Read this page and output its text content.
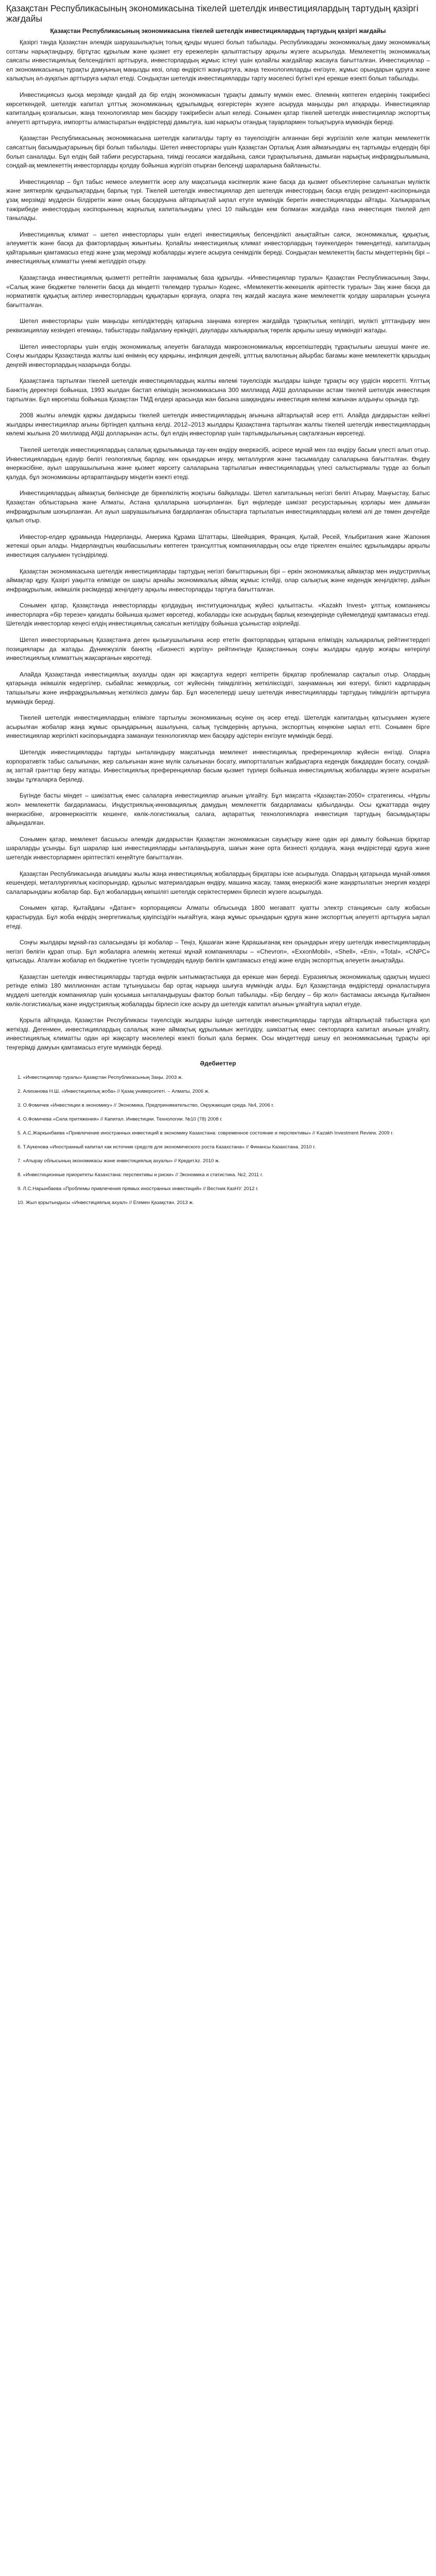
Қазақстан Республикасының экономикасына тікелей шетелдік инвестициялардың тартудың қазіргі жағдайы
Қазақстан Республикасының экономикасына тікелей шетелдік инвестициялардың тартудың қазіргі жағдайы

Қазіргі таңда Қазақстан әлемдік шаруашылықтың толық құнды мүшесі болып табылады. Республикадағы экономикалық даму экономикалық соттағы нарықтандыру, біртұтас құрылым және қызмет ету ережелерін қалыптастыру арқылы жүзеге асырылуда. Мемлекеттің экономикалық саясаты инвестициялық белсенділікті арттыруға, инвесторлардың жұмыс істеуі үшін қолайлы жағдайлар жасауға бағытталған. Инвестициялар – ел экономикасының тұрақты дамуының маңызды көзі, олар өндірісті жаңғыртуға, жаңа технологияларды енгізуге, жұмыс орындарын құруға және халықтың әл-ауқатын арттыруға ықпал етеді. Сондықтан шетелдік инвестицияларды тарту мәселесі бүгінгі күні ерекше өзекті болып табылады.

Инвестициясыз қысқа мерзімде қандай да бір елдің экономикасын тұрақты дамыту мүмкін емес. Әлемнің көптеген елдерінің тәжірибесі көрсеткендей, шетелдік капитал ұлттық экономиканың құрылымдық өзгерістерін жүзеге асыруда маңызды рөл атқарады. Инвестициялар капиталдың қозғалысын, жаңа технологиялар мен басқару тәжірибесін алып келеді. Сонымен қатар тікелей шетелдік инвестициялар экспорттық әлеуетті арттыруға, импортты алмастыратын өндірістерді дамытуға, ішкі нарықты отандық тауарлармен толықтыруға мүмкіндік береді.

Қазақстан Республикасының экономикасына шетелдік капиталды тарту өз тәуелсіздігін алғаннан бері жүргізіліп келе жатқан мемлекеттік саясаттың басымдықтарының бірі болып табылады. Шетел инвесторлары үшін Қазақстан Орталық Азия аймағындағы ең тартымды елдердің бірі болып саналады. Бұл елдің бай табиғи ресурстарына, тиімді геосаяси жағдайына, саяси тұрақтылығына, дамыған нарықтық инфрақұрылымына, сондай-ақ мемлекеттің инвесторларды қолдау бойынша жүргізіп отырған белсенді шараларына байланысты.

Инвестициялар – бұл табыс немесе әлеуметтік әсер алу мақсатында кәсіпкерлік және басқа да қызмет объектілеріне салынатын мүліктік және зияткерлік құндылықтардың барлық түрі. Тікелей шетелдік инвестициялар деп шетелдік инвестордың басқа елдің резидент-кәсіпорнында ұзақ мерзімді мүддесін білдіретін және оның басқаруына айтарлықтай ықпал етуге мүмкіндік беретін инвестицияларды айтады. Халықаралық тәжірибеде инвестордың кәсіпорынның жарғылық капиталындағы үлесі 10 пайыздан кем болмаған жағдайда ғана инвестиция тікелей деп танылады.

Инвестициялық климат – шетел инвесторлары үшін елдегі инвестициялық белсенділікті анықтайтын саяси, экономикалық, құқықтық, әлеуметтік және басқа да факторлардың жиынтығы. Қолайлы инвестициялық климат инвесторлардың тәуекелдерін төмендетеді, капиталдың қайтарымын қамтамасыз етеді және ұзақ мерзімді жобаларды жүзеге асыруға сенімділік береді. Сондықтан мемлекеттің басты міндеттерінің бірі – инвестициялық климатты үнемі жетілдіріп отыру.

Қазақстанда инвестициялық қызметті реттейтін заңнамалық база құрылды. «Инвестициялар туралы» Қазақстан Республикасының Заңы, «Салық және бюджетке төленетін басқа да міндетті төлемдер туралы» Кодекс, «Мемлекеттік-жекешелік әріптестік туралы» Заң және басқа да нормативтік құқықтық актілер инвесторлардың құқықтарын қорғауға, оларға тең жағдай жасауға және мемлекеттік қолдау шараларын ұсынуға бағытталған.

Шетел инвесторлары үшін маңызды кепілдіктердің қатарына заңнама өзгерген жағдайда тұрақтылық кепілдігі, мүлікті ұлттандыру мен реквизициялау кезіндегі өтемақы, табыстарды пайдалану еркіндігі, дауларды халықаралық төрелік арқылы шешу мүмкіндігі жатады.

Шетел инвесторлары үшін елдің экономикалық әлеуетін бағалауда макроэкономикалық көрсеткіштердің тұрақтылығы шешуші мәнге ие. Соңғы жылдары Қазақстанда жалпы ішкі өнімнің өсу қарқыны, инфляция деңгейі, ұлттық валютаның айырбас бағамы және мемлекеттік қарыздың деңгейі инвесторлардың назарында болды.

Қазақстанға тартылған тікелей шетелдік инвестициялардың жалпы көлемі тәуелсіздік жылдары ішінде тұрақты өсу үрдісін көрсетті. Ұлттық Банктің деректері бойынша, 1993 жылдан бастап еліміздің экономикасына 300 миллиард АҚШ долларынан астам тікелей шетелдік инвестиция тартылған. Бұл көрсеткіш бойынша Қазақстан ТМД елдері арасында жан басына шаққандағы инвестиция көлемі жағынан алдыңғы орында тұр.

2008 жылғы әлемдік қаржы дағдарысы тікелей шетелдік инвестициялардың ағынына айтарлықтай әсер етті. Алайда дағдарыстан кейінгі жылдары инвестициялар ағыны біртіндеп қалпына келді. 2012–2013 жылдары Қазақстанға тартылған жалпы тікелей шетелдік инвестициялардың көлемі жылына 20 миллиард АҚШ долларынан асты, бұл елдің инвесторлар үшін тартымдылығының сақталғанын көрсетеді.

Тікелей шетелдік инвестициялардың салалық құрылымында тау-кен өндіру өнеркәсібі, әсіресе мұнай мен газ өндіру басым үлесті алып отыр. Инвестициялардың едәуір бөлігі геологиялық барлау, кен орындарын игеру, металлургия және тасымалдау салаларына бағытталған. Өңдеу өнеркәсібіне, ауыл шаруашылығына және қызмет көрсету салаларына тартылатын инвестициялардың үлесі салыстырмалы түрде аз болып қалуда, бұл экономиканы әртараптандыру міндетін өзекті етеді.

Инвестициялардың аймақтық бөлінісінде де біркелкіліктің жоқтығы байқалады. Шетел капиталының негізгі бөлігі Атырау, Маңғыстау, Батыс Қазақстан облыстарына және Алматы, Астана қалаларына шоғырланған. Бұл өңірлерде шикізат ресурстарының қорлары мен дамыған инфрақұрылым шоғырланған. Ал ауыл шаруашылығына бағдарланған облыстарға тартылатын инвестициялардың көлемі әлі де төмен деңгейде қалып отыр.

Инвестор-елдер құрамында Нидерланды, Америка Құрама Штаттары, Швейцария, Франция, Қытай, Ресей, Ұлыбритания және Жапония жетекші орын алады. Нидерландтың көшбасшылығы көптеген трансұлттық компаниялардың осы елде тіркелген еншілес құрылымдары арқылы инвестиция салуымен түсіндіріледі.

Қазақстан экономикасына шетелдік инвестицияларды тартудың негізгі бағыттарының бірі – еркін экономикалық аймақтар мен индустриялық аймақтар құру. Қазіргі уақытта елімізде он шақты арнайы экономикалық аймақ жұмыс істейді, олар салықтық және кедендік жеңілдіктер, дайын инфрақұрылым, әкімшілік рәсімдерді жеңілдету арқылы инвесторларды тартуға бағытталған.

Сонымен қатар, Қазақстанда инвесторларды қолдаудың институционалдық жүйесі қалыптасты. «Kazakh Invest» ұлттық компаниясы инвесторларға «бір терезе» қағидаты бойынша қызмет көрсетеді, жобаларды іске асырудың барлық кезеңдерінде сүйемелдеуді қамтамасыз етеді. Шетелдік инвесторлар кеңесі елдің инвестициялық саясатын жетілдіру бойынша ұсыныстар әзірлейді.

Шетел инвесторларының Қазақстанға деген қызығушылығына әсер ететін факторлардың қатарына еліміздің халықаралық рейтингтердегі позициялары да жатады. Дүниежүзілік банктің «Бизнесті жүргізу» рейтингінде Қазақстанның соңғы жылдары едәуір жоғары көтерілуі инвестициялық климаттың жақсарғанын көрсетеді.

Алайда Қазақстанда инвестициялық ахуалды одан әрі жақсартуға кедергі келтіретін бірқатар проблемалар сақталып отыр. Олардың қатарында әкімшілік кедергілер, сыбайлас жемқорлық, сот жүйесінің тиімділігінің жеткіліксіздігі, заңнаманың жиі өзгеруі, білікті кадрлардың тапшылығы және инфрақұрылымның жеткіліксіз дамуы бар. Бұл мәселелерді шешу шетелдік инвестицияларды тартудың тиімділігін арттыруға мүмкіндік береді.

Тікелей шетелдік инвестициялардың елімізге тартылуы экономиканың өсуіне оң әсер етеді. Шетелдік капиталдың қатысуымен жүзеге асырылған жобалар жаңа жұмыс орындарының ашылуына, салық түсімдерінің артуына, экспорттың кеңеюіне ықпал етті. Сонымен бірге инвестициялар жергілікті кәсіпорындарға заманауи технологиялар мен басқару әдістерін енгізуге мүмкіндік берді.

Шетелдік инвестицияларды тартуды ынталандыру мақсатында мемлекет инвестициялық преференциялар жүйесін енгізді. Оларға корпоративтік табыс салығынан, жер салығынан және мүлік салығынан босату, импортталатын жабдықтарға кедендік баждардан босату, сондай-ақ заттай гранттар беру жатады. Инвестициялық преференциялар басым қызмет түрлері бойынша инвестициялық жобаларды жүзеге асыратын заңды тұлғаларға беріледі.

Бүгінде басты міндет – шикізаттық емес салаларға инвестициялар ағынын ұлғайту. Бұл мақсатта «Қазақстан-2050» стратегиясы, «Нұрлы жол» мемлекеттік бағдарламасы, Индустриялық-инновациялық дамудың мемлекеттік бағдарламасы қабылданды. Осы құжаттарда өңдеу өнеркәсібіне, агроөнеркәсіптік кешенге, көлік-логистикалық салаға, ақпараттық технологияларға инвестиция тартудың басымдықтары айқындалған.

Сонымен қатар, мемлекет басшысы әлемдік дағдарыстан Қазақстан экономикасын сауықтыру және одан әрі дамыту бойынша бірқатар шараларды ұсынды. Бұл шаралар ішкі инвестицияларды ынталандыруға, шағын және орта бизнесті қолдауға, жаңа өндірістерді құруға және шетелдік инвесторлармен әріптестікті кеңейтуге бағытталған.

Қазақстан Республикасында ағымдағы жылы жаңа инвестициялық жобалардың бірқатары іске асырылуда. Олардың қатарында мұнай-химия кешендері, металлургиялық кәсіпорындар, құрылыс материалдарын өндіру, машина жасау, тамақ өнеркәсібі және жаңартылатын энергия көздері салаларындағы жобалар бар. Бұл жобалардың көпшілігі шетелдік серіктестермен бірлесіп жүзеге асырылуда.

Сонымен қатар, Қытайдағы «Датанг» корпорациясы Алматы облысында 1800 мегаватт қуатты электр станциясын салу жобасын қарастыруда. Бұл жоба өңірдің энергетикалық қауіпсіздігін нығайтуға, жаңа жұмыс орындарын құруға және экспорттық әлеуетті арттыруға ықпал етеді.

Соңғы жылдары мұнай-газ саласындағы ірі жобалар – Теңіз, Қашаған және Қарашығанақ кен орындарын игеру шетелдік инвестициялардың негізгі бөлігін құрап отыр. Бұл жобаларға әлемнің жетекші мұнай компаниялары – «Chevron», «ExxonMobil», «Shell», «Eni», «Total», «CNPC» қатысады. Аталған жобалар ел бюджетіне түсетін түсімдердің едәуір бөлігін қамтамасыз етеді және елдің экспорттық әлеуетін анықтайды.

Қазақстан шетелдік инвестицияларды тартуда өңірлік ынтымақтастыққа да ерекше мән береді. Еуразиялық экономикалық одақтың мүшесі ретінде еліміз 180 миллионнан астам тұтынушысы бар ортақ нарыққа шығуға мүмкіндік алды. Бұл Қазақстанда өндірістерді орналастыруға мүдделі шетелдік компаниялар үшін қосымша ынталандырушы фактор болып табылады. «Бір белдеу – бір жол» бастамасы аясында Қытаймен көлік-логистикалық және индустриялық жобаларды бірлесіп іске асыру да шетелдік капитал ағынын ұлғайтуға ықпал етуде.

Қорыта айтқанда, Қазақстан Республикасы тәуелсіздік жылдары ішінде шетелдік инвестицияларды тартуда айтарлықтай табыстарға қол жеткізді. Дегенмен, инвестициялардың салалық және аймақтық құрылымын жетілдіру, шикізаттық емес секторларға капитал ағынын ұлғайту, инвестициялық климатты одан әрі жақсарту мәселелері өзекті болып қала бермек. Осы міндеттерді шешу ел экономикасының тұрақты әрі теңгерімді дамуын қамтамасыз етуге мүмкіндік береді.

Әдебиеттер
1. «Инвестициялар туралы» Қазақстан Республикасының Заңы. 2003 ж.
2. Алиханова Н.Ш. «Инвестициялық жоба» // Қазақ университеті. – Алматы, 2006 ж.
3. О.Фомичев «Инвестиции в экономику» // Экономика, Предпринимательство, Окружающая среда. №4, 2006 г.
4. О.Фомичева «Сила притяжения» // Капитал. Инвестиции. Технологии. №10 (78) 2008 г.
5. А.С.Жаркынбаева «Привлечение иностранных инвестиций в экономику Казахстана: современное состояние и перспективы» // Kazakh Investment Review. 2009 г.
6. Т.Аукенова «Иностранный капитал как источник средств для экономического роста Казахстана» // Финансы Казахстана. 2010 г.
7. «Атырау облысының экономикасы және инвестициялық ахуалы» // Кредит.kz. 2010 ж.
8. «Инвестиционные приоритеты Казахстана: перспективы и риски» // Экономика и статистика. №2, 2011 г.
9. Л.С.Нарынбаева «Проблемы привлечения прямых иностранных инвестиций» // Вестник КазНУ. 2012 г.
10. Жыл қорытындысы «Инвестициялық ахуал» // Егемен Қазақстан. 2013 ж.
